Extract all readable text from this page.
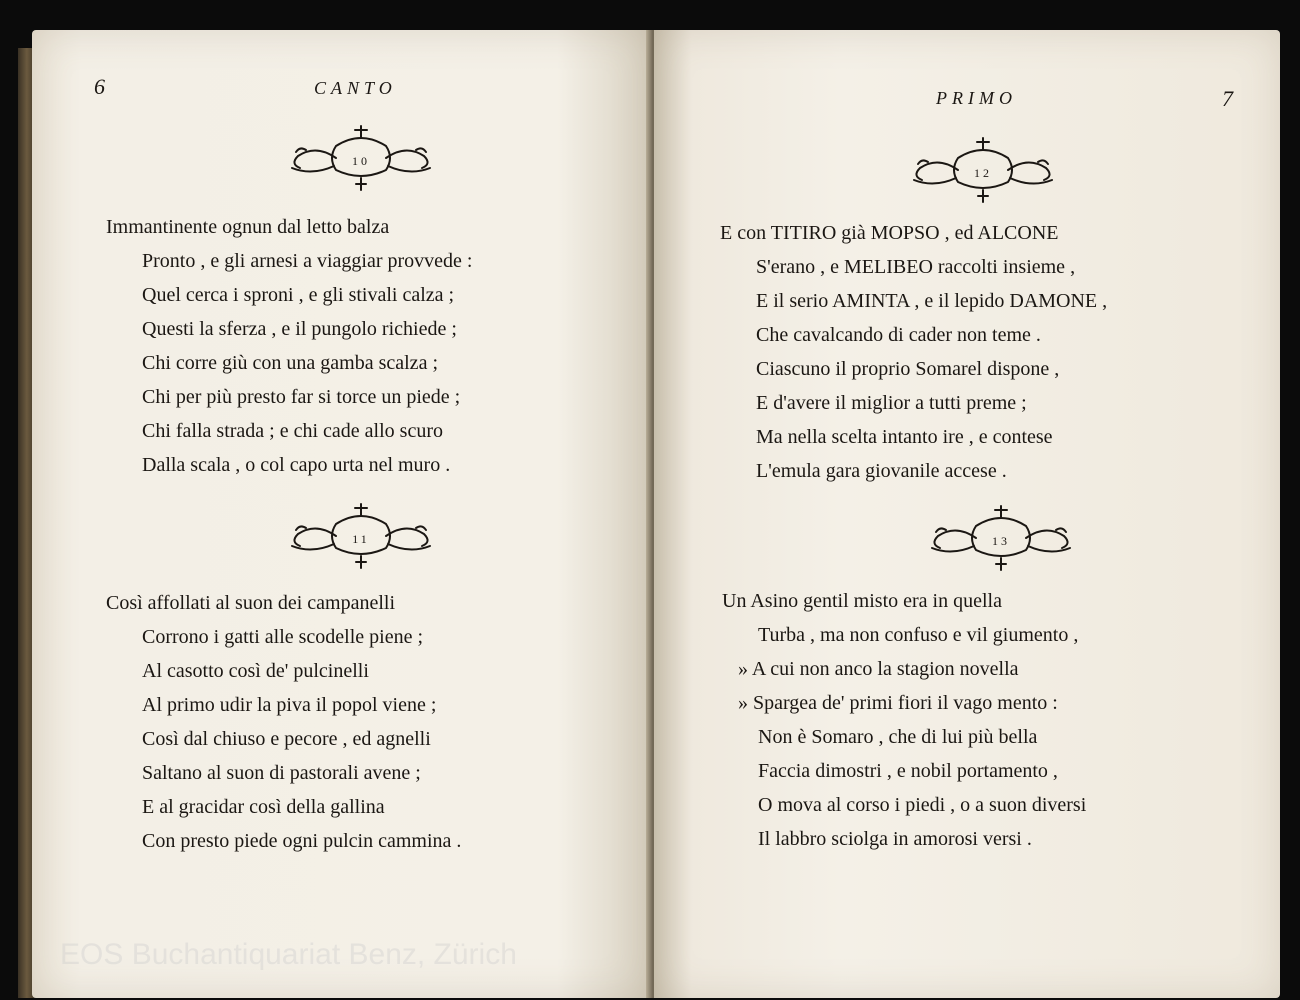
6	CANTO
10
Immantinente ognun dal letto balza
Pronto , e gli arnesi a viaggiar provvede :
Quel cerca i sproni , e gli stivali calza ;
Questi la sferza , e il pungolo richiede ;
Chi corre giù con una gamba scalza ;
Chi per più presto far si torce un piede ;
Chi falla strada ; e chi cade allo scuro
Dalla scala , o col capo urta nel muro .
11
Così affollati al suon dei campanelli
Corrono i gatti alle scodelle piene ;
Al casotto così de' pulcinelli
Al primo udir la piva il popol viene ;
Così dal chiuso e pecore , ed agnelli
Saltano al suon di pastorali avene ;
E al gracidar così della gallina
Con presto piede ogni pulcin cammina .
PRIMO	7
12
E con TITIRO già MOPSO , ed ALCONE
S'erano , e MELIBEO raccolti insieme ,
E il serio AMINTA , e il lepido DAMONE ,
Che cavalcando di cader non teme .
Ciascuno il proprio Somarel dispone ,
E d'avere il miglior a tutti preme ;
Ma nella scelta intanto ire , e contese
L'emula gara giovanile accese .
13
Un Asino gentil misto era in quella
Turba , ma non confuso e vil giumento ,
» A cui non anco la stagion novella
» Spargea de' primi fiori il vago mento :
Non è Somaro , che di lui più bella
Faccia dimostri , e nobil portamento ,
O mova al corso i piedi , o a suon diversi
Il labbro sciolga in amorosi versi .
EOS Buchantiquariat Benz, Zürich
